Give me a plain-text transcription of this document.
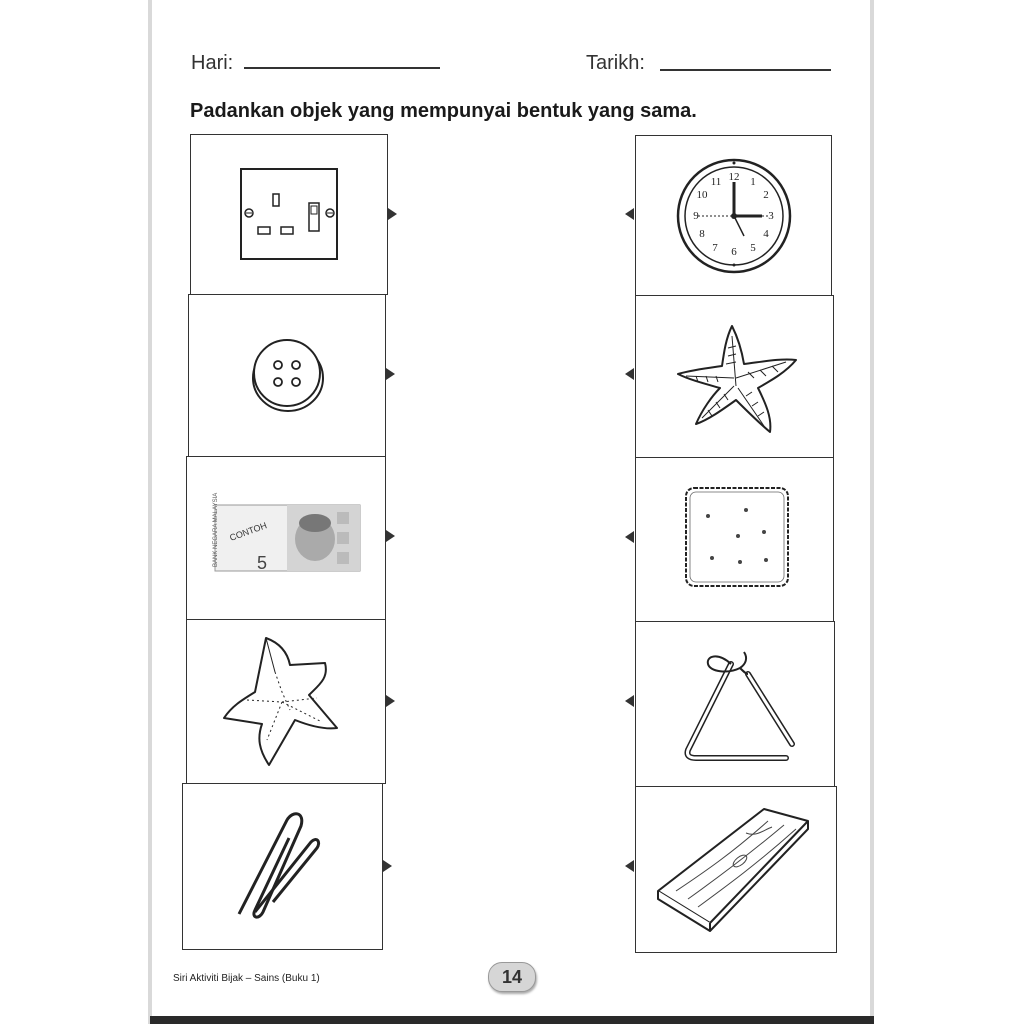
Hari:	Tarikh:
Padankan objek yang mempunyai bentuk yang sama.
BANK NEGARA MALAYSIA CONTOH
5
12 1
2
3
4
5
6
7
8
9
10
11
Siri Aktiviti Bijak – Sains (Buku 1)	14
